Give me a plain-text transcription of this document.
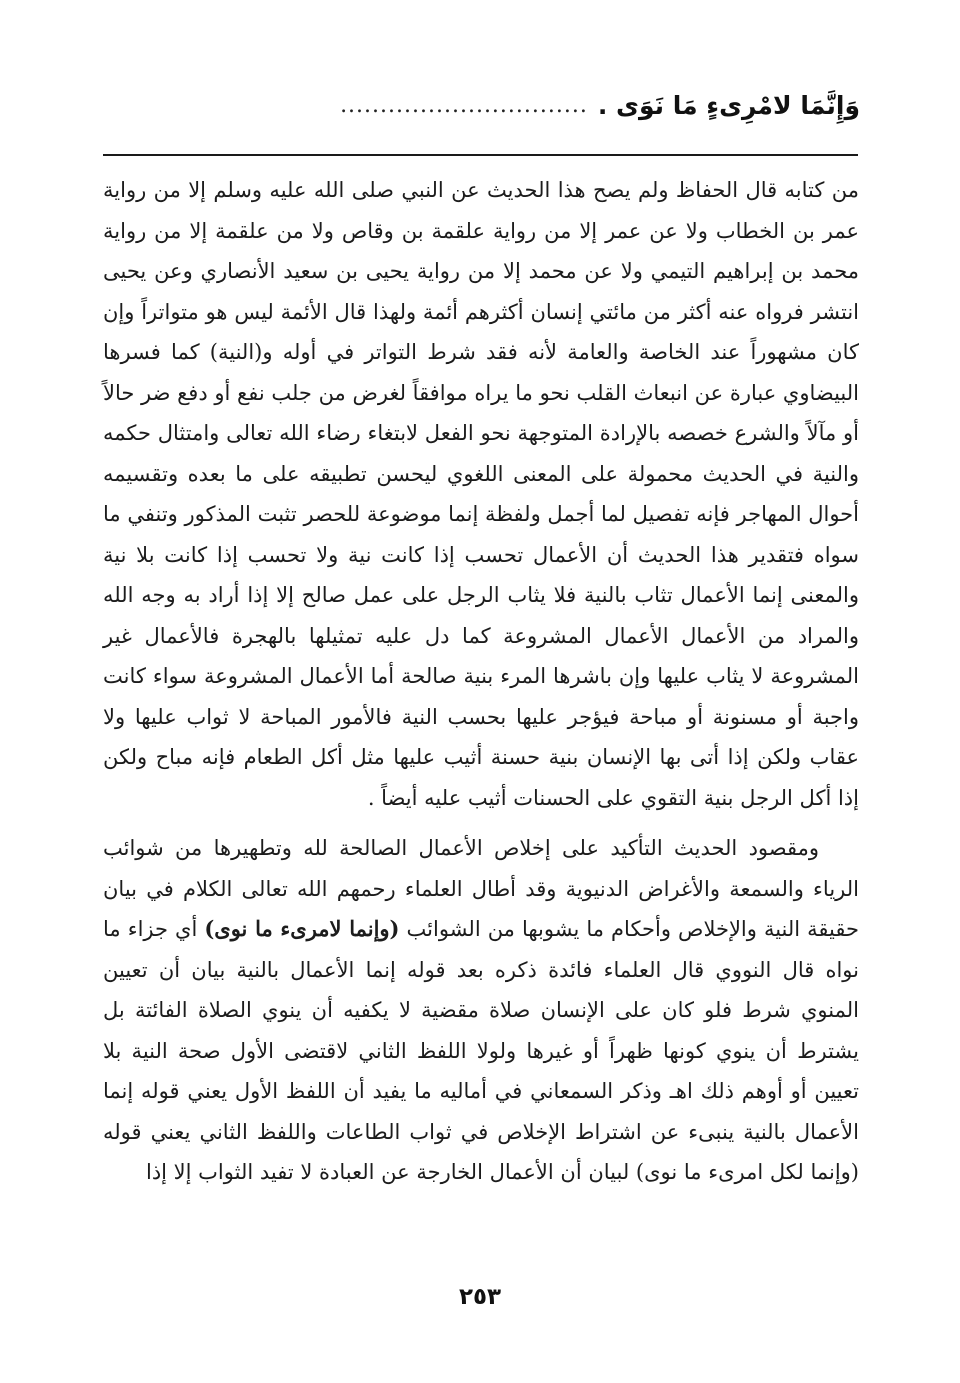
وَإِنَّمَا لامْرِىءٍ مَا نَوَى .
...............................

من كتابه قال الحفاظ ولم يصح هذا الحديث عن النبي صلى الله عليه وسلم إلا من رواية عمر بن الخطاب ولا عن عمر إلا من رواية علقمة بن وقاص ولا من علقمة إلا من رواية محمد بن إبراهيم التيمي ولا عن محمد إلا من رواية يحيى بن سعيد الأنصاري وعن يحيى انتشر فرواه عنه أكثر من مائتي إنسان أكثرهم أئمة ولهذا قال الأئمة ليس هو متواتراً وإن كان مشهوراً عند الخاصة والعامة لأنه فقد شرط التواتر في أوله و(النية) كما فسرها البيضاوي عبارة عن انبعاث القلب نحو ما يراه موافقاً لغرض من جلب نفع أو دفع ضر حالاً أو مآلاً والشرع خصصه بالإرادة المتوجهة نحو الفعل لابتغاء رضاء الله تعالى وامتثال حكمه والنية في الحديث محمولة على المعنى اللغوي ليحسن تطبيقه على ما بعده وتقسيمه أحوال المهاجر فإنه تفصيل لما أجمل ولفظة إنما موضوعة للحصر تثبت المذكور وتنفي ما سواه فتقدير هذا الحديث أن الأعمال تحسب إذا كانت نية ولا تحسب إذا كانت بلا نية والمعنى إنما الأعمال تثاب بالنية فلا يثاب الرجل على عمل صالح إلا إذا أراد به وجه الله والمراد من الأعمال الأعمال المشروعة كما دل عليه تمثيلها بالهجرة فالأعمال غير المشروعة لا يثاب عليها وإن باشرها المرء بنية صالحة أما الأعمال المشروعة سواء كانت واجبة أو مسنونة أو مباحة فيؤجر عليها بحسب النية فالأمور المباحة لا ثواب عليها ولا عقاب ولكن إذا أتى بها الإنسان بنية حسنة أثيب عليها مثل أكل الطعام فإنه مباح ولكن إذا أكل الرجل بنية التقوي على الحسنات أثيب عليه أيضاً .

ومقصود الحديث التأكيد على إخلاص الأعمال الصالحة لله وتطهيرها من شوائب الرياء والسمعة والأغراض الدنيوية وقد أطال العلماء رحمهم الله تعالى الكلام في بيان حقيقة النية والإخلاص وأحكام ما يشوبها من الشوائب (وإنما لامرىء ما نوى) أي جزاء ما نواه قال النووي قال العلماء فائدة ذكره بعد قوله إنما الأعمال بالنية بيان أن تعيين المنوي شرط فلو كان على الإنسان صلاة مقضية لا يكفيه أن ينوي الصلاة الفائتة بل يشترط أن ينوي كونها ظهراً أو غيرها ولولا اللفظ الثاني لاقتضى الأول صحة النية بلا تعيين أو أوهم ذلك اهـ وذكر السمعاني في أماليه ما يفيد أن اللفظ الأول يعني قوله إنما الأعمال بالنية ينبىء عن اشتراط الإخلاص في ثواب الطاعات واللفظ الثاني يعني قوله (وإنما لكل امرىء ما نوى) لبيان أن الأعمال الخارجة عن العبادة لا تفيد الثواب إلا إذا

٢٥٣
